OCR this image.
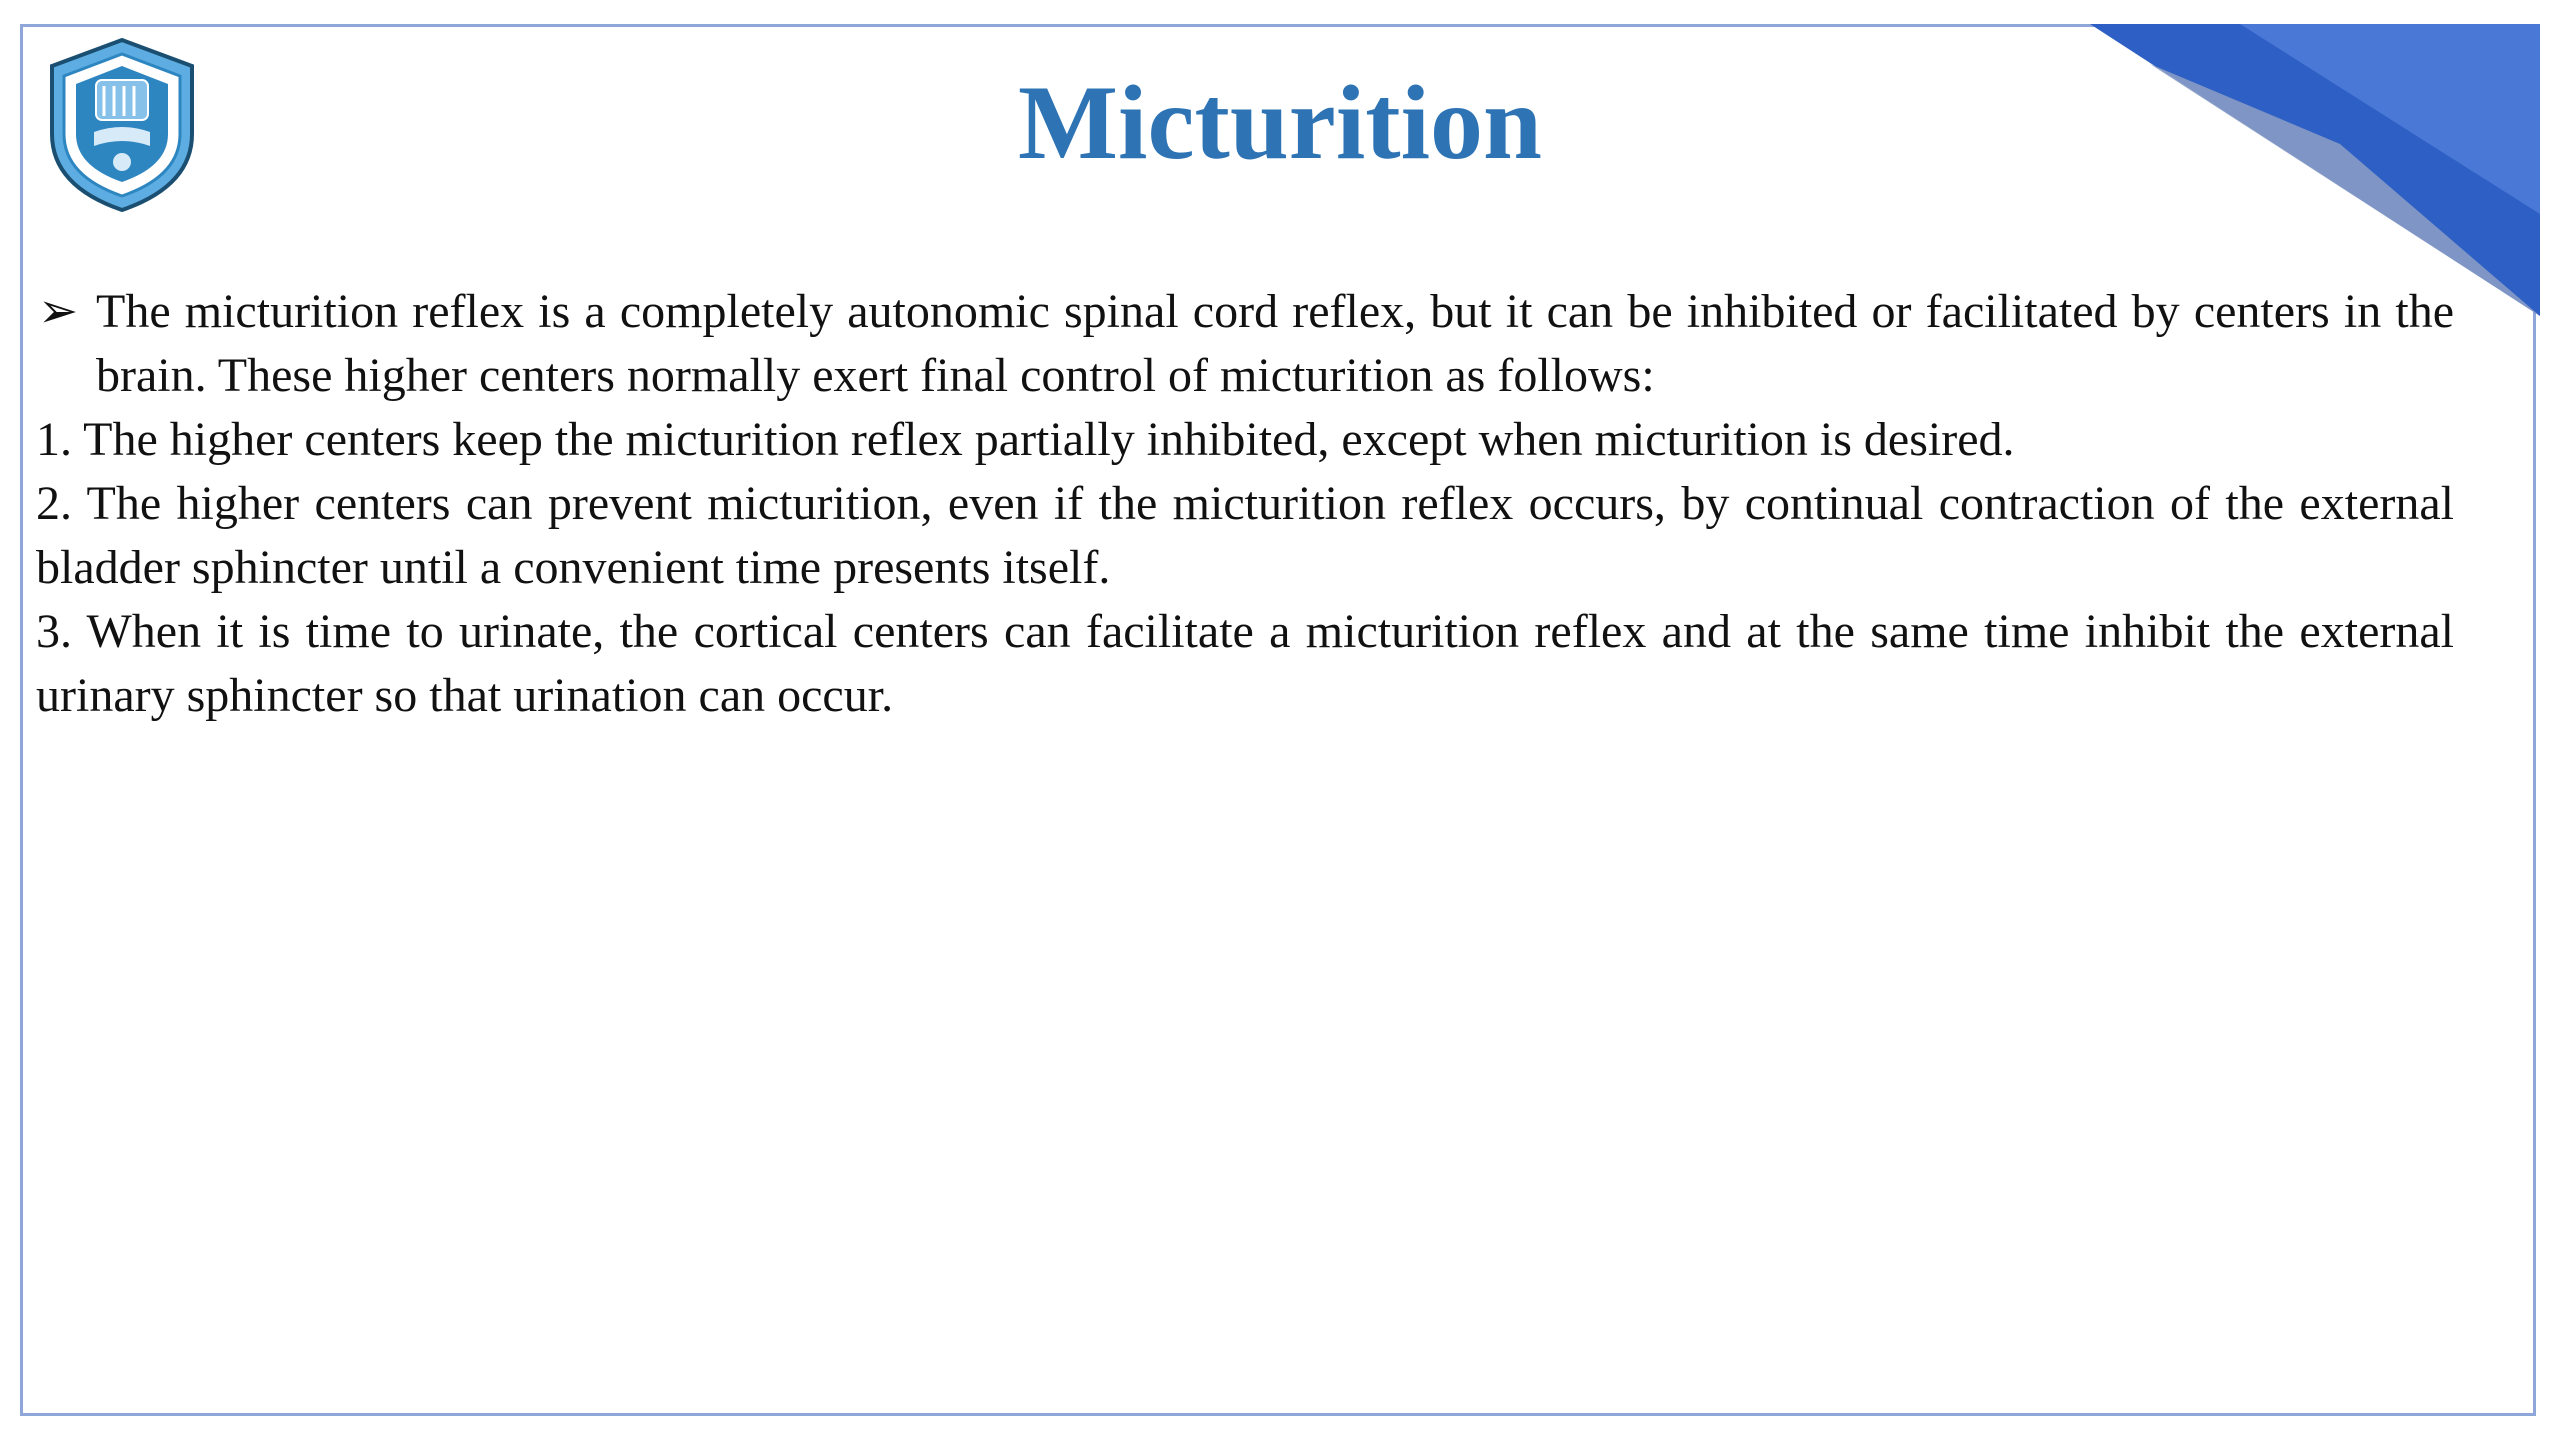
Micturition

➢ The micturition reflex is a completely autonomic spinal cord reflex, but it can be inhibited or facilitated by centers in the brain. These higher centers normally exert final control of micturition as follows:

1. The higher centers keep the micturition reflex partially inhibited, except when micturition is desired.

2. The higher centers can prevent micturition, even if the micturition reflex occurs, by continual contraction of the external bladder sphincter until a convenient time presents itself.

3. When it is time to urinate, the cortical centers can facilitate a micturition reflex and at the same time inhibit the external urinary sphincter so that urination can occur.
